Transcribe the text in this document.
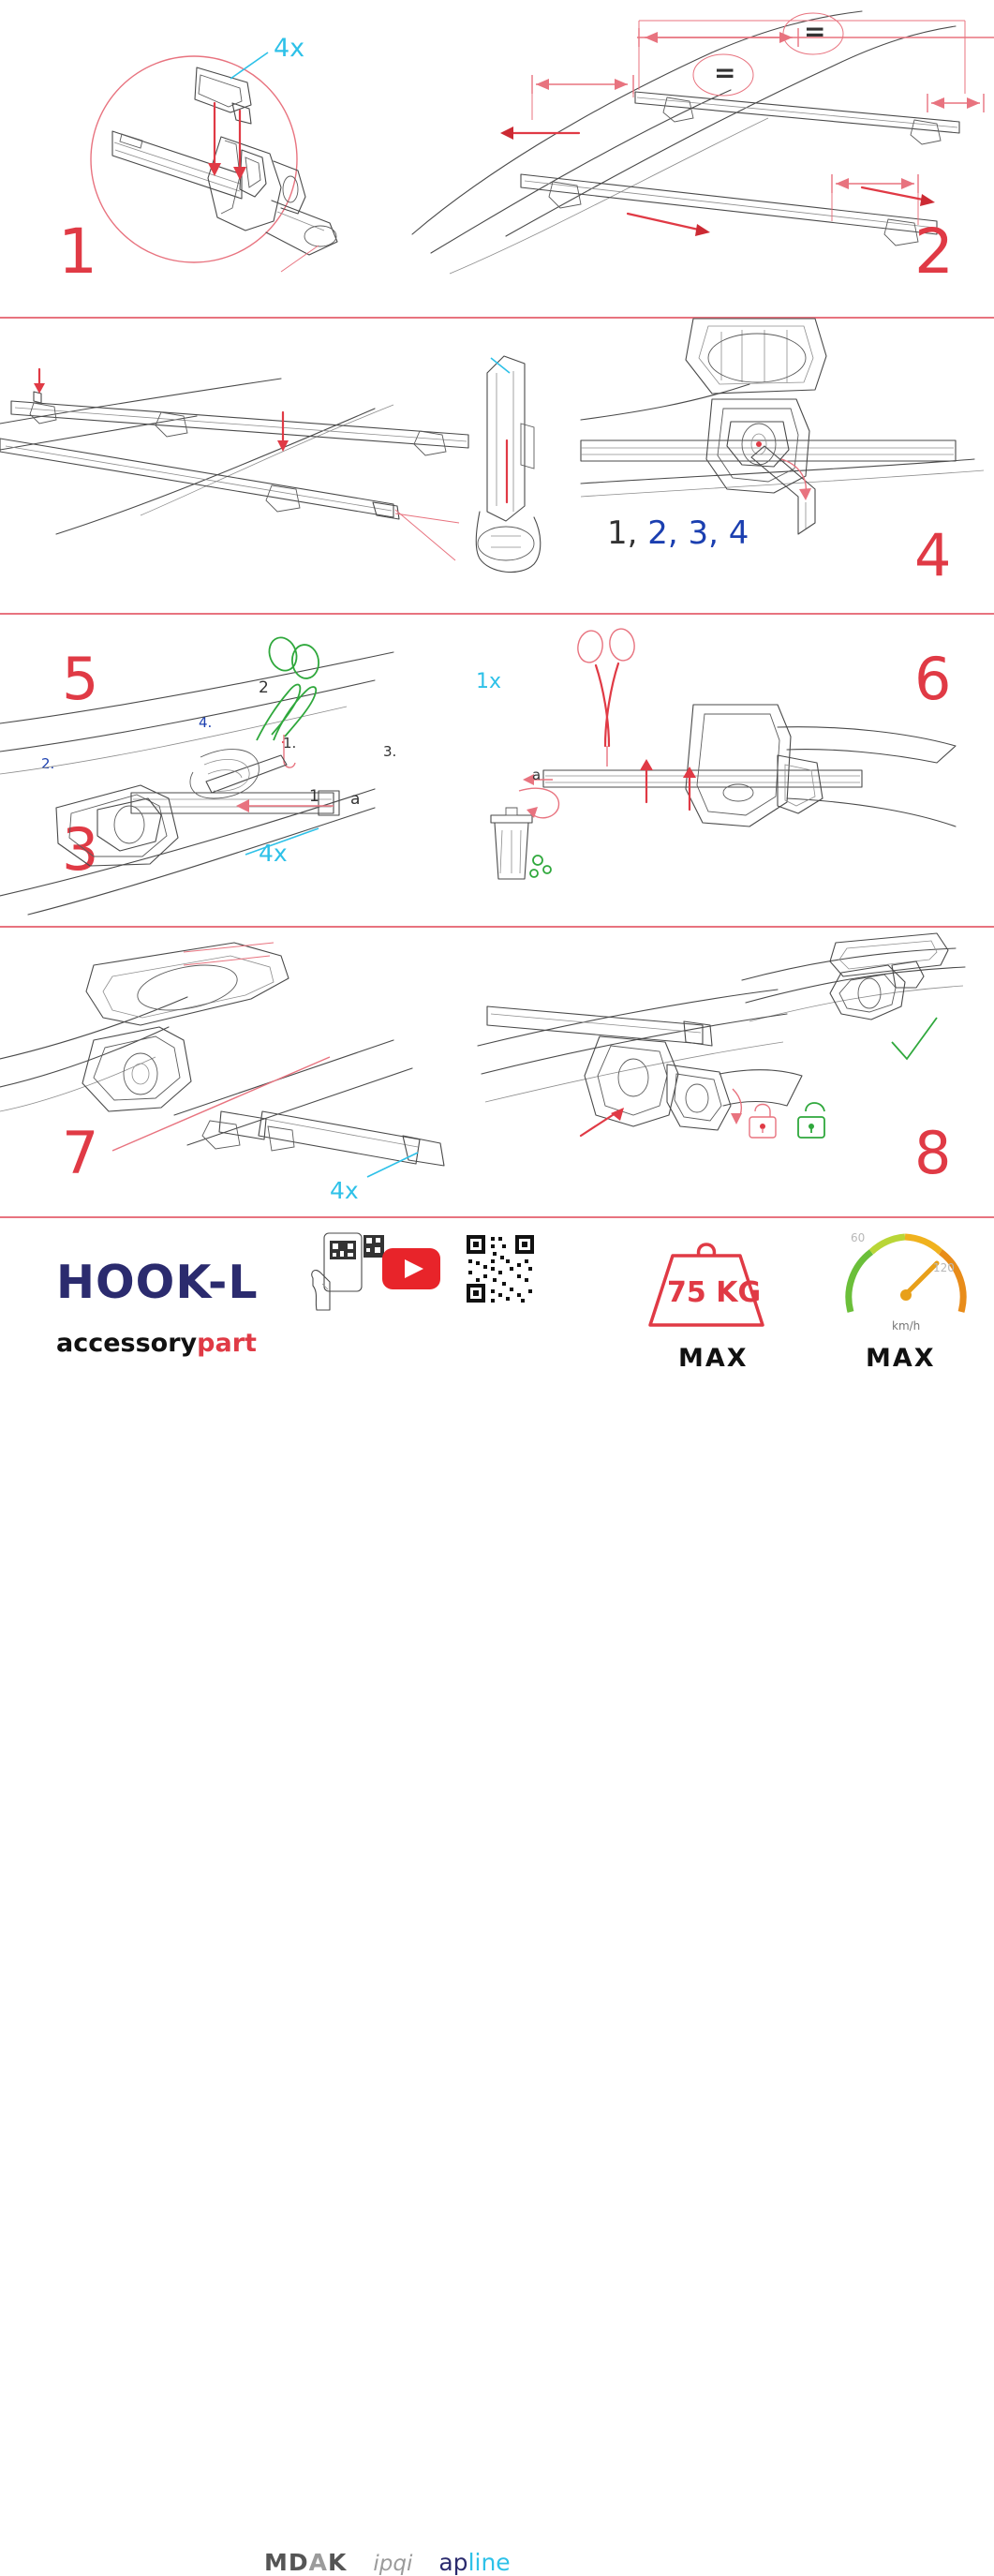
4x
1
=
=
2
1.
2.
3.
4.
1x
3
1, 2, 3, 4	4
5	2
1 a
4x
6
a
7
4x
8
HOOK-L
accessorypart
MDAK ipqi apline
75 KG
MAX
60
120
km/h
MAX
